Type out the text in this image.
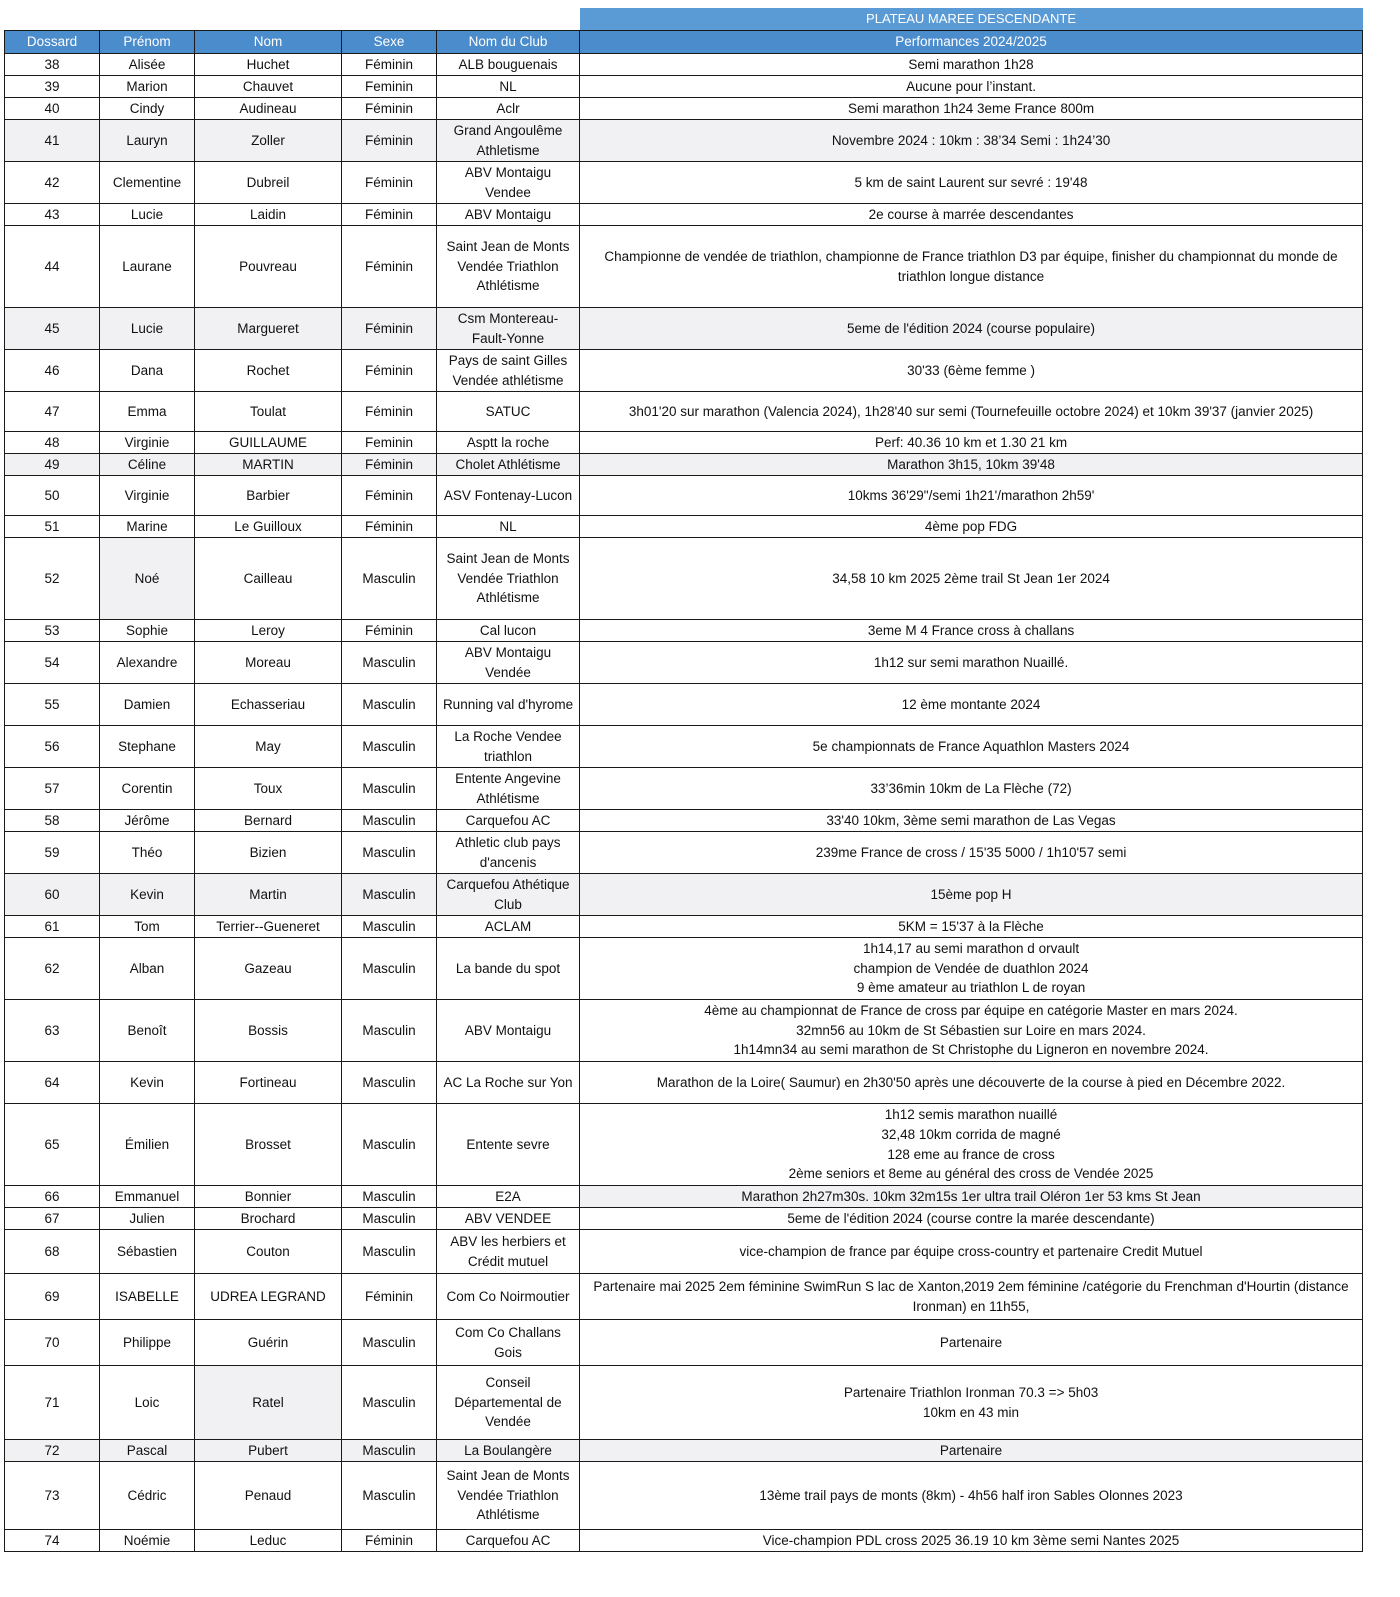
					PLATEAU MAREE DESCENDANTE
Dossard	Prénom	Nom	Sexe	Nom du Club	Performances 2024/2025
38	Alisée	Huchet	Féminin	ALB bouguenais	Semi marathon 1h28
39	Marion	Chauvet	Feminin	NL	Aucune pour l’instant.
40	Cindy	Audineau	Féminin	Aclr	Semi marathon 1h24 3eme France 800m
41	Lauryn	Zoller	Féminin	Grand Angoulême Athletisme	Novembre 2024 : 10km : 38’34 Semi : 1h24’30
42	Clementine	Dubreil	Féminin	ABV Montaigu Vendee	5 km de saint Laurent sur sevré : 19'48
43	Lucie	Laidin	Féminin	ABV Montaigu	2e course à marrée descendantes
44	Laurane	Pouvreau	Féminin	Saint Jean de Monts Vendée Triathlon Athlétisme	Championne de vendée de triathlon, championne de France triathlon D3 par équipe, finisher du championnat du monde de triathlon longue distance
45	Lucie	Margueret	Féminin	Csm Montereau-Fault-Yonne	5eme de l'édition 2024 (course populaire)
46	Dana	Rochet	Féminin	Pays de saint Gilles Vendée athlétisme	30'33 (6ème femme )
47	Emma	Toulat	Féminin	SATUC	3h01'20 sur marathon (Valencia 2024), 1h28'40 sur semi (Tournefeuille octobre 2024) et 10km 39'37 (janvier 2025)
48	Virginie	GUILLAUME	Feminin	Asptt la roche	Perf: 40.36 10 km et 1.30 21 km
49	Céline	MARTIN	Féminin	Cholet Athlétisme	Marathon 3h15, 10km 39'48
50	Virginie	Barbier	Féminin	ASV Fontenay-Lucon	10kms 36'29"/semi 1h21'/marathon 2h59'
51	Marine	Le Guilloux	Féminin	NL	4ème pop FDG
52	Noé	Cailleau	Masculin	Saint Jean de Monts Vendée Triathlon Athlétisme	34,58 10 km 2025 2ème trail St Jean 1er 2024
53	Sophie	Leroy	Féminin	Cal lucon	3eme M 4 France cross à challans
54	Alexandre	Moreau	Masculin	ABV Montaigu Vendée	1h12 sur semi marathon Nuaillé.
55	Damien	Echasseriau	Masculin	Running val d'hyrome	12 ème montante 2024
56	Stephane	May	Masculin	La Roche Vendee triathlon	5e championnats de France Aquathlon Masters 2024
57	Corentin	Toux	Masculin	Entente Angevine Athlétisme	33’36min 10km de La Flèche (72)
58	Jérôme	Bernard	Masculin	Carquefou AC	33'40 10km, 3ème semi marathon de Las Vegas
59	Théo	Bizien	Masculin	Athletic club pays d'ancenis	239me France de cross / 15'35 5000 / 1h10'57 semi
60	Kevin	Martin	Masculin	Carquefou Athétique Club	15ème pop H
61	Tom	Terrier--Gueneret	Masculin	ACLAM	5KM = 15'37 à la Flèche
62	Alban	Gazeau	Masculin	La bande du spot	1h14,17 au semi marathon d orvault
champion de Vendée de duathlon 2024
9 ème amateur au triathlon L de royan
63	Benoît	Bossis	Masculin	ABV Montaigu	4ème au championnat de France de cross par équipe en catégorie Master en mars 2024.
32mn56 au 10km de St Sébastien sur Loire en mars 2024.
1h14mn34 au semi marathon de St Christophe du Ligneron en novembre 2024.
64	Kevin	Fortineau	Masculin	AC La Roche sur Yon	Marathon de la Loire( Saumur) en 2h30'50 après une découverte de la course à pied en Décembre 2022.
65	Émilien	Brosset	Masculin	Entente sevre	1h12 semis marathon nuaillé
32,48 10km corrida de magné
128 eme au france de cross
2ème seniors et 8eme au général des cross de Vendée 2025
66	Emmanuel	Bonnier	Masculin	E2A	Marathon 2h27m30s. 10km 32m15s 1er ultra trail Oléron 1er 53 kms St Jean
67	Julien	Brochard	Masculin	ABV VENDEE	5eme de l'édition 2024 (course contre la marée descendante)
68	Sébastien	Couton	Masculin	ABV les herbiers et Crédit mutuel	vice-champion de france par équipe cross-country et partenaire Credit Mutuel
69	ISABELLE	UDREA LEGRAND	Féminin	Com Co Noirmoutier	Partenaire mai 2025 2em féminine SwimRun S lac de Xanton,2019 2em féminine /catégorie du Frenchman d'Hourtin (distance Ironman) en 11h55,
70	Philippe	Guérin	Masculin	Com Co Challans Gois	Partenaire
71	Loic	Ratel	Masculin	Conseil Départemental de Vendée	Partenaire Triathlon Ironman 70.3 => 5h03
10km en 43 min
72	Pascal	Pubert	Masculin	La Boulangère	Partenaire
73	Cédric	Penaud	Masculin	Saint Jean de Monts Vendée Triathlon Athlétisme	13ème trail pays de monts (8km) - 4h56 half iron Sables Olonnes 2023
74	Noémie	Leduc	Féminin	Carquefou AC	Vice-champion PDL cross 2025 36.19 10 km 3ème semi Nantes 2025
